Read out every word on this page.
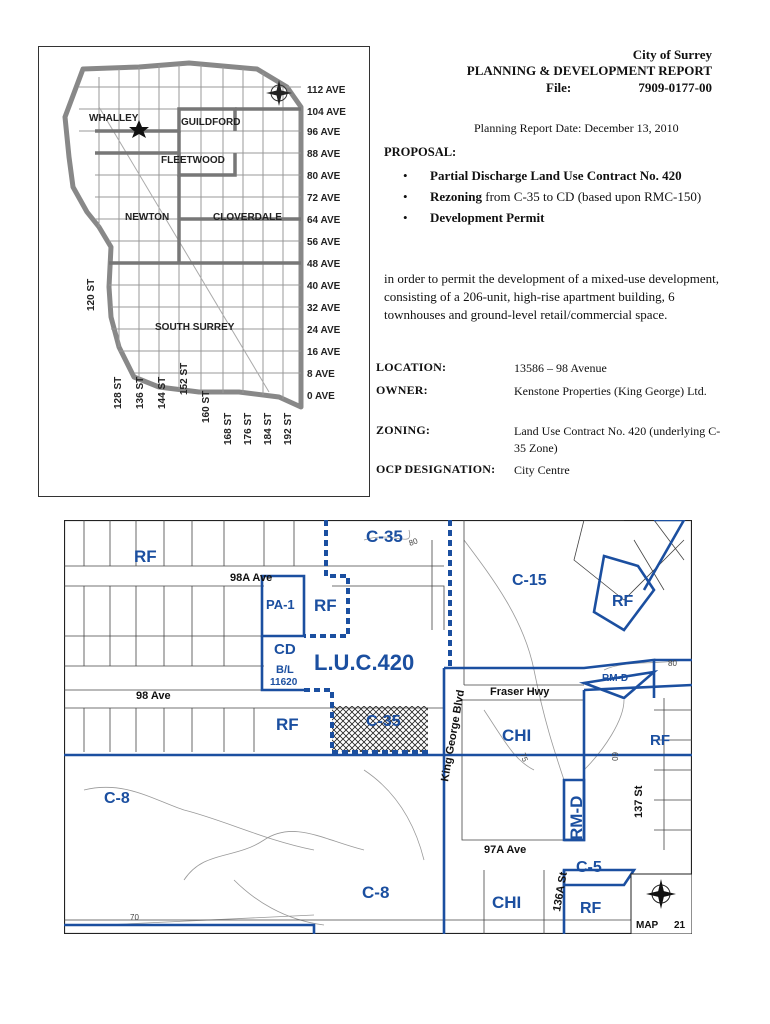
112 AVE
104 AVE
96 AVE
88 AVE
80 AVE
72 AVE
64 AVE
56 AVE
48 AVE
40 AVE
32 AVE
24 AVE
16 AVE
8 AVE
0 AVE
120 ST
128 ST 136 ST 144 ST 152 ST
160 ST
168 ST 176 ST 184 ST 192 ST
WHALLEY	GUILDFORD
FLEETWOOD
NEWTON	CLOVERDALE
SOUTH SURREY
City of Surrey
PLANNING & DEVELOPMENT REPORT
File:	7909-0177-00
Planning Report Date: December 13, 2010
PROPOSAL:
• Partial Discharge Land Use Contract No. 420
• Rezoning from C-35 to CD (based upon RMC-150)
• Development Permit
in order to permit the development of a mixed-use development, consisting of a 206-unit, high-rise apartment building, 6 townhouses and ground-level retail/commercial space.
LOCATION:	13586 – 98 Avenue
OWNER:	Kenstone Properties (King George) Ltd.
ZONING:	Land Use Contract No. 420 (underlying C-35 Zone)
OCP DESIGNATION: City Centre
RF
C-35
C-15
RF
PA-1 RF
CD
B/L
11620
L.U.C.420
RM-D
RF	C-35
CHI	RF
C-8	RM-D
C-5
C-8
CHI	RF
98A Ave
98 Ave	Fraser Hwy
King George Blvd
137 St
97A Ave
136A St
80
80
75	60
70
MAP 21
